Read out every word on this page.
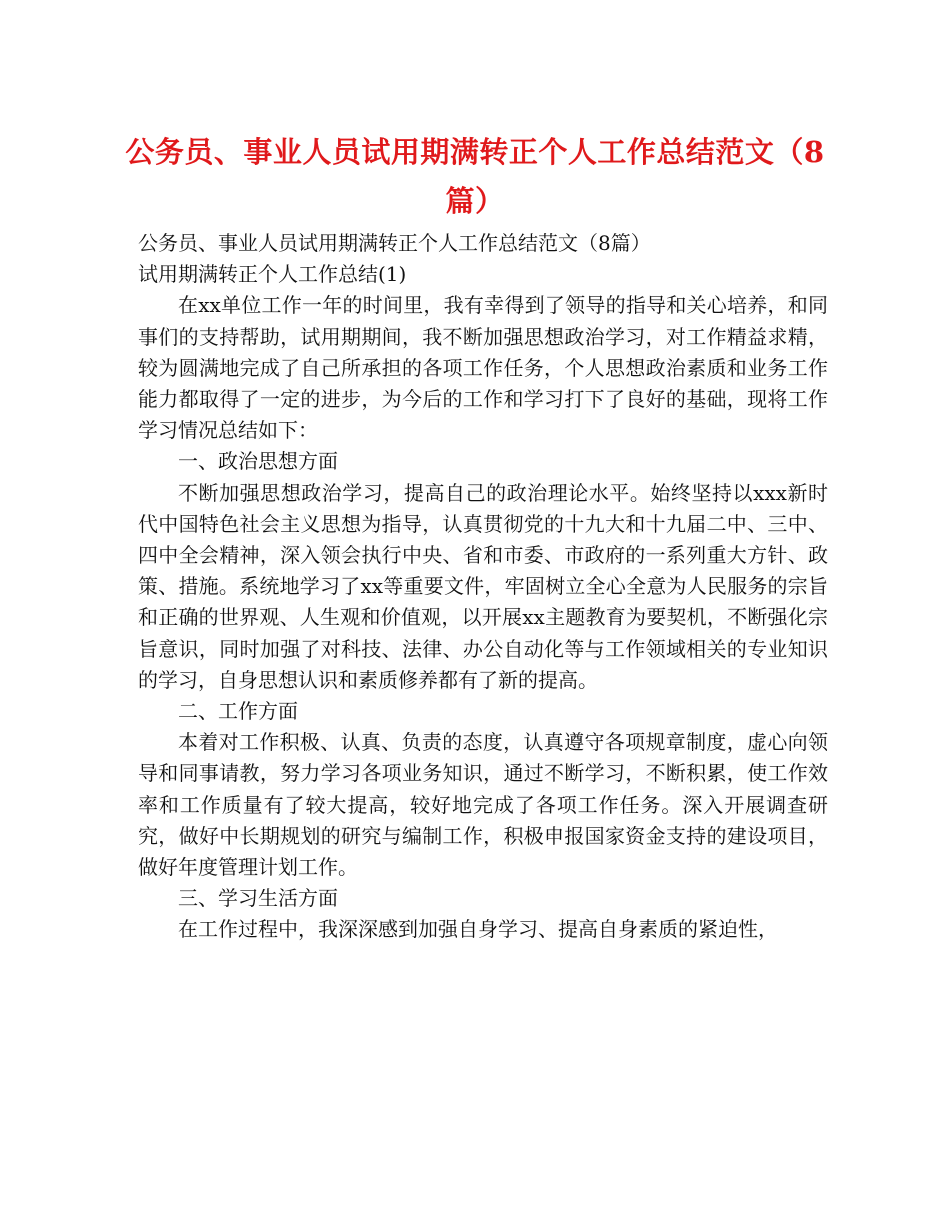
公务员、事业人员试用期满转正个人工作总结范文（8篇）

公务员、事业人员试用期满转正个人工作总结范文（8篇）

试用期满转正个人工作总结(1)

在xx单位工作一年的时间里，我有幸得到了领导的指导和关心培养，和同事们的支持帮助，试用期期间，我不断加强思想政治学习，对工作精益求精，较为圆满地完成了自己所承担的各项工作任务，个人思想政治素质和业务工作能力都取得了一定的进步，为今后的工作和学习打下了良好的基础，现将工作学习情况总结如下：

一、政治思想方面

不断加强思想政治学习，提高自己的政治理论水平。始终坚持以xxx新时代中国特色社会主义思想为指导，认真贯彻党的十九大和十九届二中、三中、四中全会精神，深入领会执行中央、省和市委、市政府的一系列重大方针、政策、措施。系统地学习了xx等重要文件，牢固树立全心全意为人民服务的宗旨和正确的世界观、人生观和价值观，以开展xx主题教育为要契机，不断强化宗旨意识，同时加强了对科技、法律、办公自动化等与工作领域相关的专业知识的学习，自身思想认识和素质修养都有了新的提高。

二、工作方面

本着对工作积极、认真、负责的态度，认真遵守各项规章制度，虚心向领导和同事请教，努力学习各项业务知识，通过不断学习，不断积累，使工作效率和工作质量有了较大提高，较好地完成了各项工作任务。深入开展调查研究，做好中长期规划的研究与编制工作，积极申报国家资金支持的建设项目，做好年度管理计划工作。

三、学习生活方面

在工作过程中，我深深感到加强自身学习、提高自身素质的紧迫性，
